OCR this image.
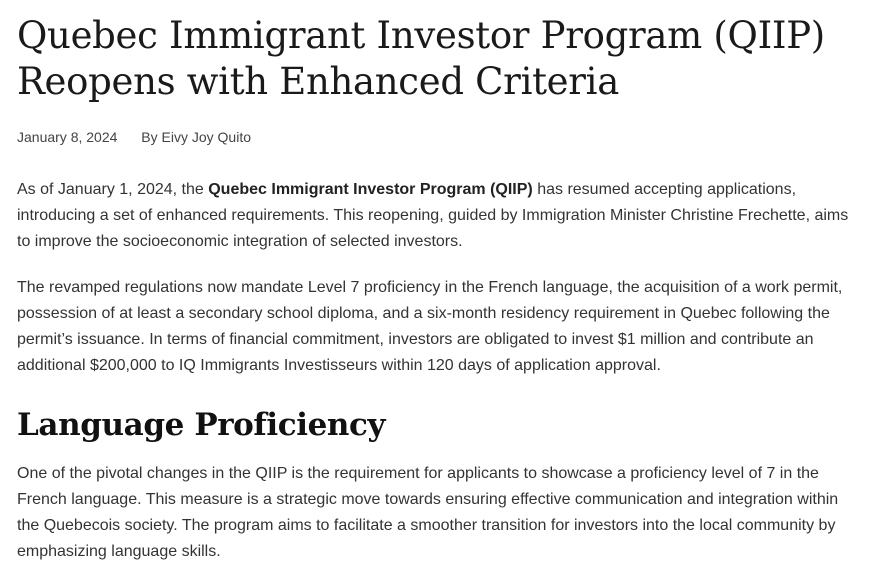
Quebec Immigrant Investor Program (QIIP) Reopens with Enhanced Criteria
January 8, 2024 By Eivy Joy Quito

As of January 1, 2024, the Quebec Immigrant Investor Program (QIIP) has resumed accepting applications, introducing a set of enhanced requirements. This reopening, guided by Immigration Minister Christine Frechette, aims to improve the socioeconomic integration of selected investors.

The revamped regulations now mandate Level 7 proficiency in the French language, the acquisition of a work permit, possession of at least a secondary school diploma, and a six-month residency requirement in Quebec following the permit’s issuance. In terms of financial commitment, investors are obligated to invest $1 million and contribute an additional $200,000 to IQ Immigrants Investisseurs within 120 days of application approval.

Language Proficiency

One of the pivotal changes in the QIIP is the requirement for applicants to showcase a proficiency level of 7 in the French language. This measure is a strategic move towards ensuring effective communication and integration within the Quebecois society. The program aims to facilitate a smoother transition for investors into the local community by emphasizing language skills.
